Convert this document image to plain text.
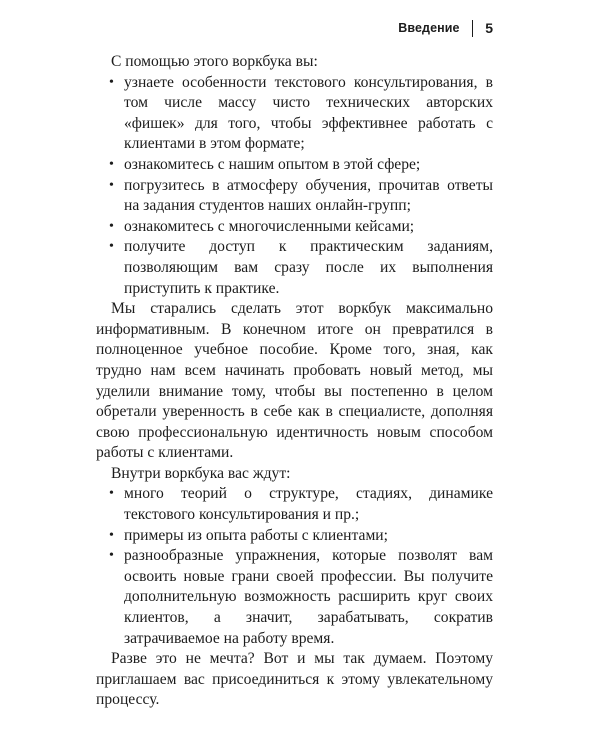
Введение 5

С помощью этого воркбука вы:

• узнаете особенности текстового консультирования, в том числе массу чисто технических авторских «фишек» для того, чтобы эффективнее работать с клиентами в этом формате;
• ознакомитесь с нашим опытом в этой сфере;
• погрузитесь в атмосферу обучения, прочитав ответы на задания студентов наших онлайн-групп;
• ознакомитесь с многочисленными кейсами;
• получите доступ к практическим заданиям, позволяющим вам сразу после их выполнения приступить к практике.

Мы старались сделать этот воркбук максимально информативным. В конечном итоге он превратился в полноценное учебное пособие. Кроме того, зная, как трудно нам всем начинать пробовать новый метод, мы уделили внимание тому, чтобы вы постепенно в целом обретали уверенность в себе как в специалисте, дополняя свою профессиональную идентичность новым способом работы с клиентами.

Внутри воркбука вас ждут:

• много теорий о структуре, стадиях, динамике текстового консультирования и пр.;
• примеры из опыта работы с клиентами;
• разнообразные упражнения, которые позволят вам освоить новые грани своей профессии. Вы получите дополнительную возможность расширить круг своих клиентов, а значит, зарабатывать, сократив затрачиваемое на работу время.

Разве это не мечта? Вот и мы так думаем. Поэтому приглашаем вас присоединиться к этому увлекательному процессу.
